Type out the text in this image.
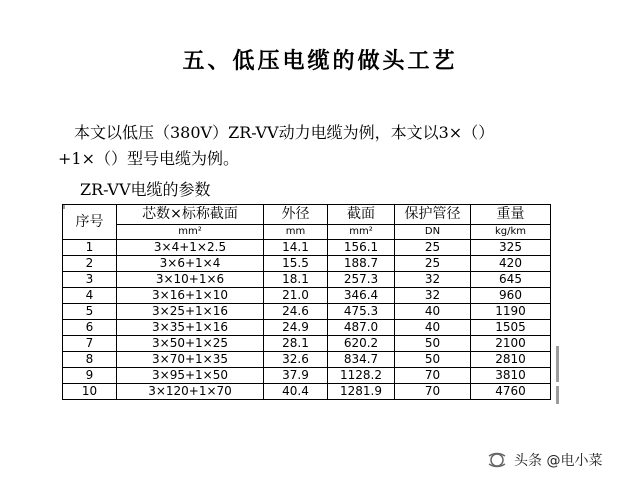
五、低压电缆的做头工艺

本文以低压（380V）ZR-VV动力电缆为例，本文以3×（）
+1×（）型号电缆为例。

ZR-VV电缆的参数

序号	芯数×标称截面	外径	截面	保护管径	重量
	mm²	mm	mm²	DN	kg/km
1	3×4+1×2.5	14.1	156.1	25	325
2	3×6+1×4	15.5	188.7	25	420
3	3×10+1×6	18.1	257.3	32	645
4	3×16+1×10	21.0	346.4	32	960
5	3×25+1×16	24.6	475.3	40	1190
6	3×35+1×16	24.9	487.0	40	1505
7	3×50+1×25	28.1	620.2	50	2100
8	3×70+1×35	32.6	834.7	50	2810
9	3×95+1×50	37.9	1128.2	70	3810
10	3×120+1×70	40.4	1281.9	70	4760
头条 @电小菜
